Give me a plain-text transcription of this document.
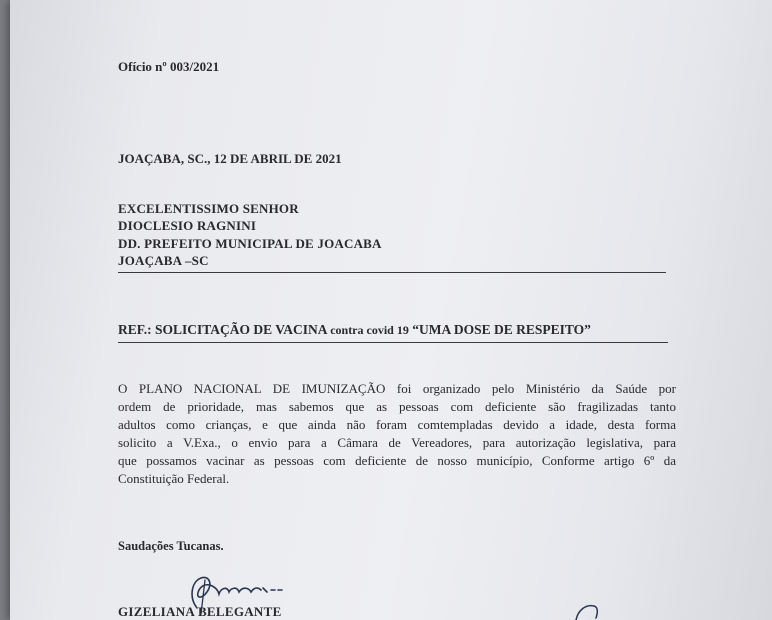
Ofício nº 003/2021
JOAÇABA, SC., 12 DE ABRIL DE 2021
EXCELENTISSIMO SENHOR
DIOCLESIO RAGNINI
DD. PREFEITO MUNICIPAL DE JOACABA
JOAÇABA –SC
REF.: SOLICITAÇÃO DE VACINA contra covid 19 “UMA DOSE DE RESPEITO”
O PLANO NACIONAL DE IMUNIZAÇÃO foi organizado pelo Ministério da Saúde por
ordem de prioridade, mas sabemos que as pessoas com deficiente são fragilizadas tanto
adultos como crianças, e que ainda não foram comtempladas devido a idade, desta forma
solicito a V.Exa., o envio para a Câmara de Vereadores, para autorização legislativa, para
que possamos vacinar as pessoas com deficiente de nosso município, Conforme artigo 6º da
Constituição Federal.
Saudações Tucanas.
GIZELIANA BELEGANTE
